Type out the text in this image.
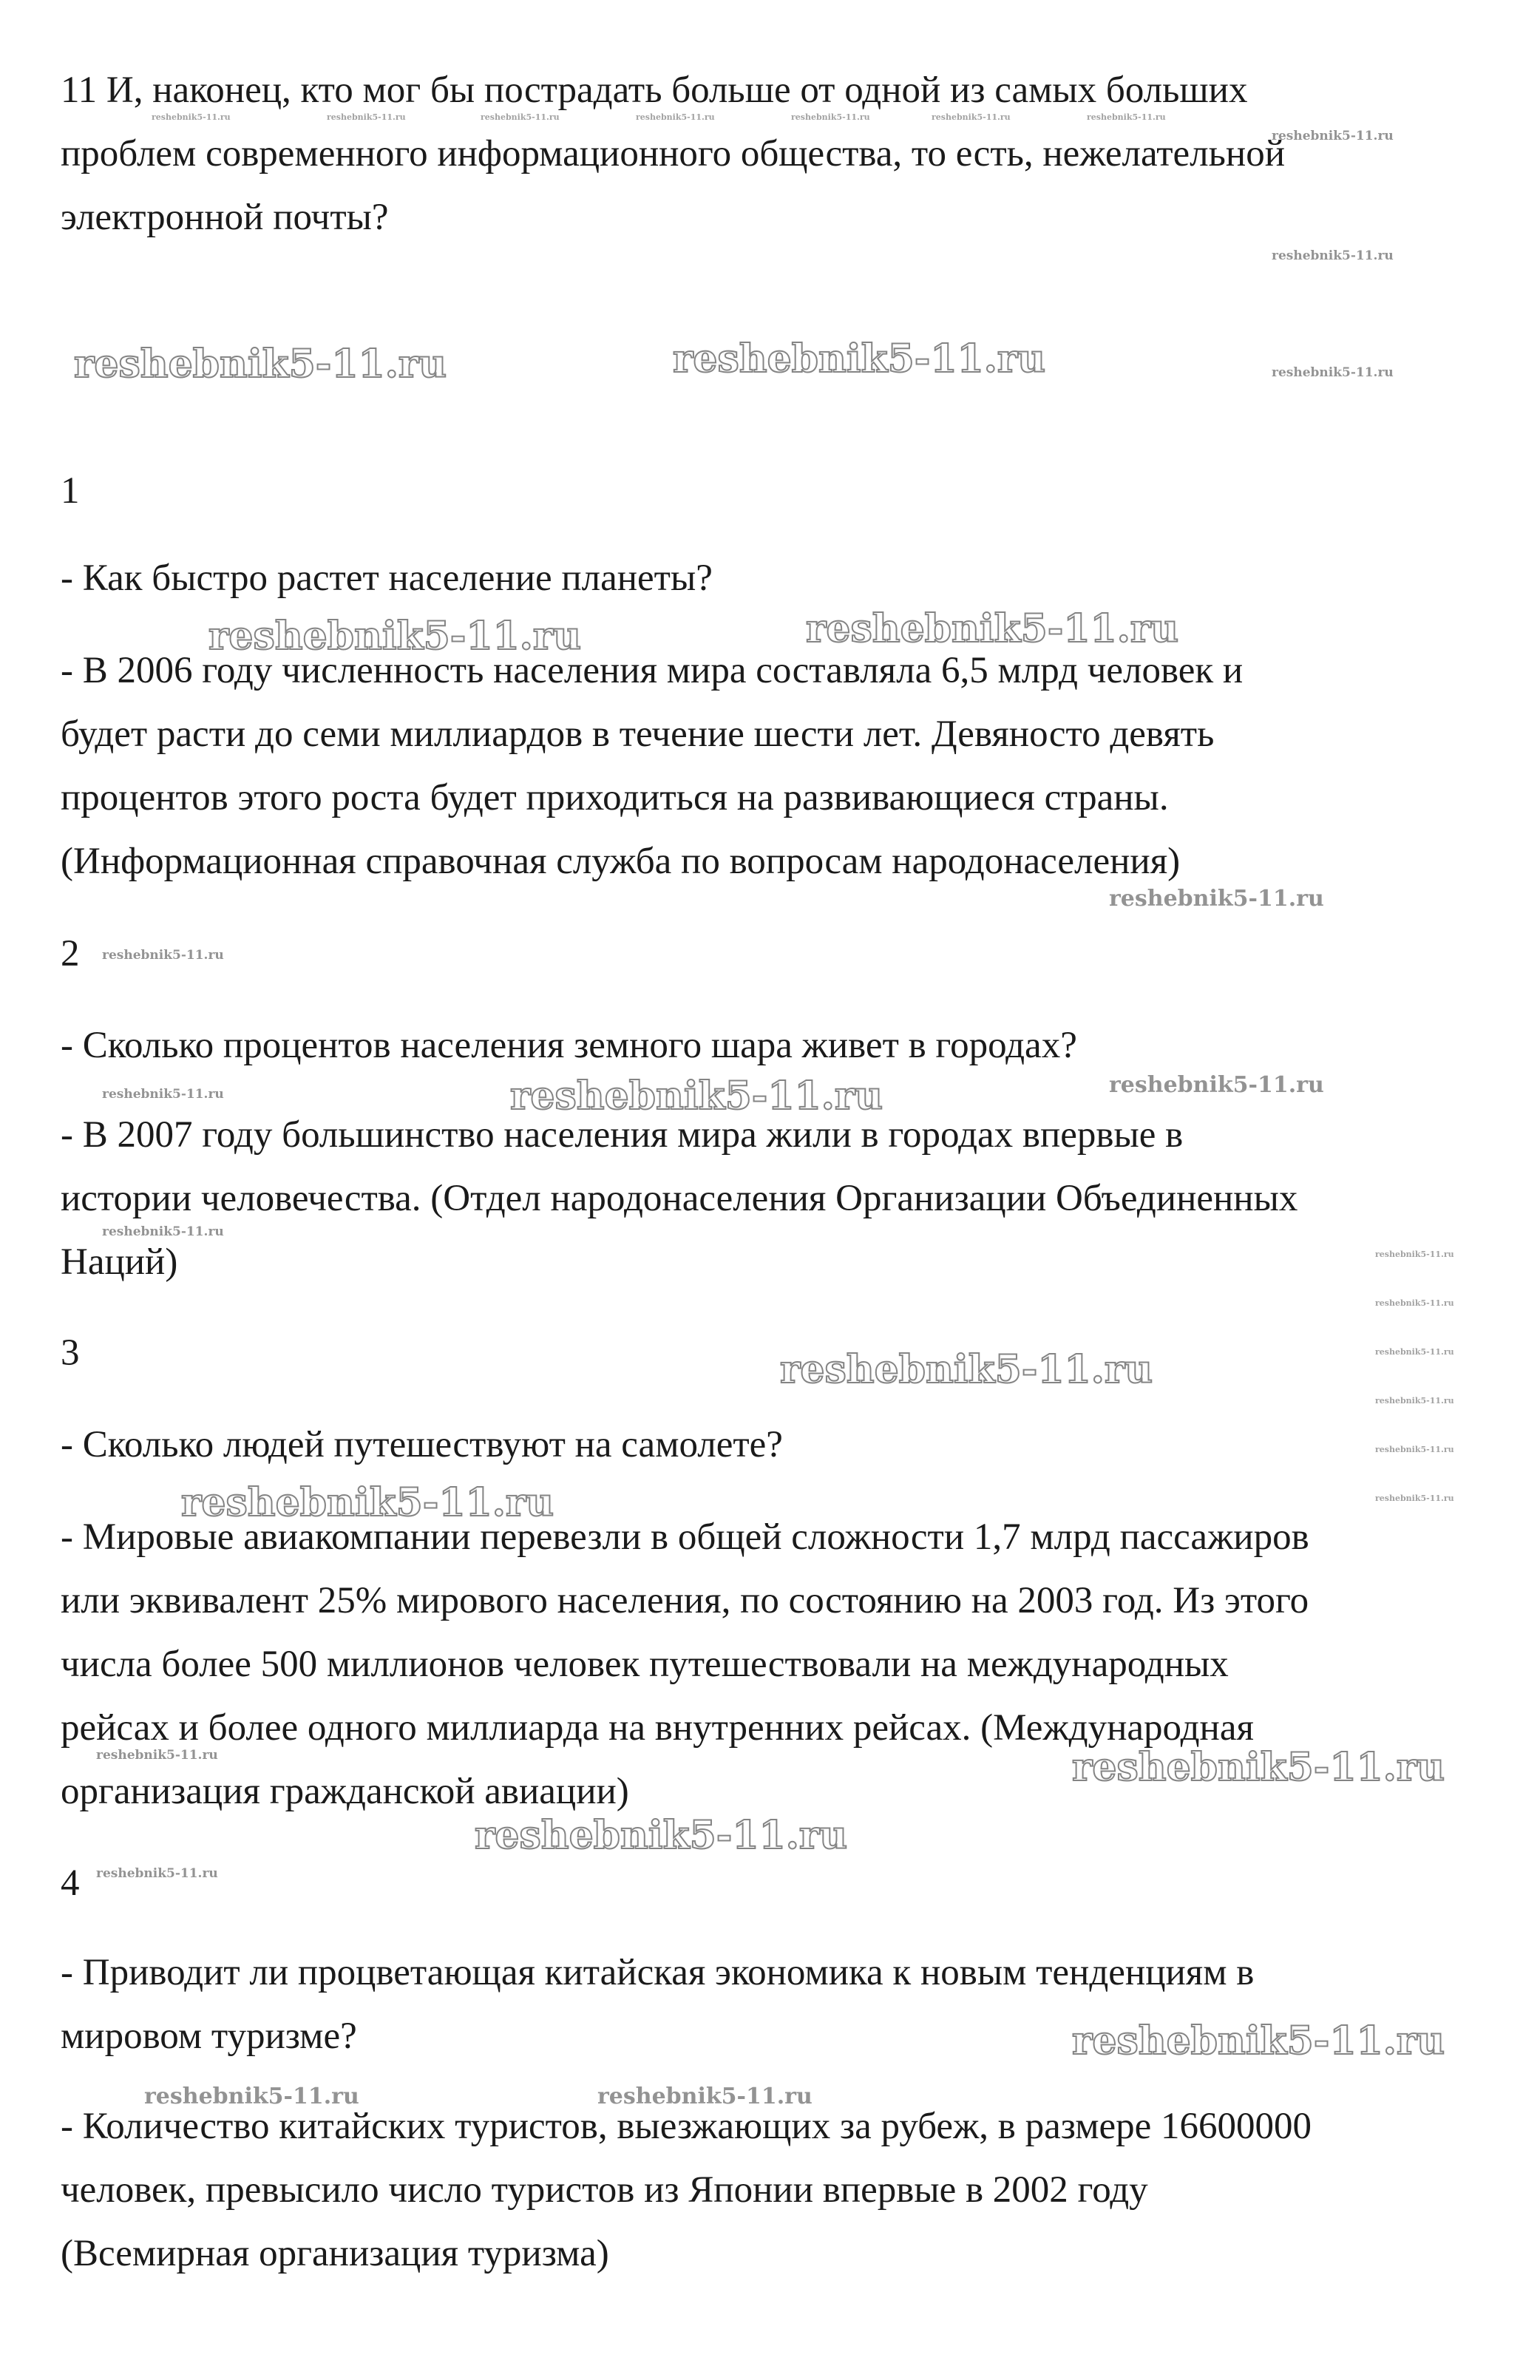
11 И, наконец, кто мог бы пострадать больше от одной из самых больших
проблем современного информационного общества, то есть, нежелательной
электронной почты?
1
- Как быстро растет население планеты?
- В 2006 году численность населения мира составляла 6,5 млрд человек и
будет расти до семи миллиардов в течение шести лет. Девяносто девять
процентов этого роста будет приходиться на развивающиеся страны.
(Информационная справочная служба по вопросам народонаселения)
2
- Сколько процентов населения земного шара живет в городах?
- В 2007 году большинство населения мира жили в городах впервые в
истории человечества. (Отдел народонаселения Организации Объединенных
Наций)
3
- Сколько людей путешествуют на самолете?
- Мировые авиакомпании перевезли в общей сложности 1,7 млрд пассажиров
или эквивалент 25% мирового населения, по состоянию на 2003 год. Из этого
числа более 500 миллионов человек путешествовали на международных
рейсах и более одного миллиарда на внутренних рейсах. (Международная
организация гражданской авиации)
4
- Приводит ли процветающая китайская экономика к новым тенденциям в
мировом туризме?
- Количество китайских туристов, выезжающих за рубеж, в размере 16600000
человек, превысило число туристов из Японии впервые в 2002 году
(Всемирная организация туризма)
reshebnik5-11.ru	reshebnik5-11.ru	reshebnik5-11.ru	reshebnik5-11.ru	reshebnik5-11.ru	reshebnik5-11.ru	reshebnik5-11.ru
reshebnik5-11.ru
reshebnik5-11.ru
reshebnik5-11.ru	reshebnik5-11.ru	reshebnik5-11.ru
reshebnik5-11.ru	reshebnik5-11.ru
reshebnik5-11.ru
reshebnik5-11.ru
reshebnik5-11.ru	reshebnik5-11.ru	reshebnik5-11.ru
reshebnik5-11.ru
reshebnik5-11.ru
reshebnik5-11.ru
reshebnik5-11.ru
reshebnik5-11.ru
reshebnik5-11.ru
reshebnik5-11.ru
reshebnik5-11.ru
reshebnik5-11.ru
reshebnik5-11.ru	reshebnik5-11.ru
reshebnik5-11.ru
reshebnik5-11.ru
reshebnik5-11.ru
reshebnik5-11.ru	reshebnik5-11.ru
